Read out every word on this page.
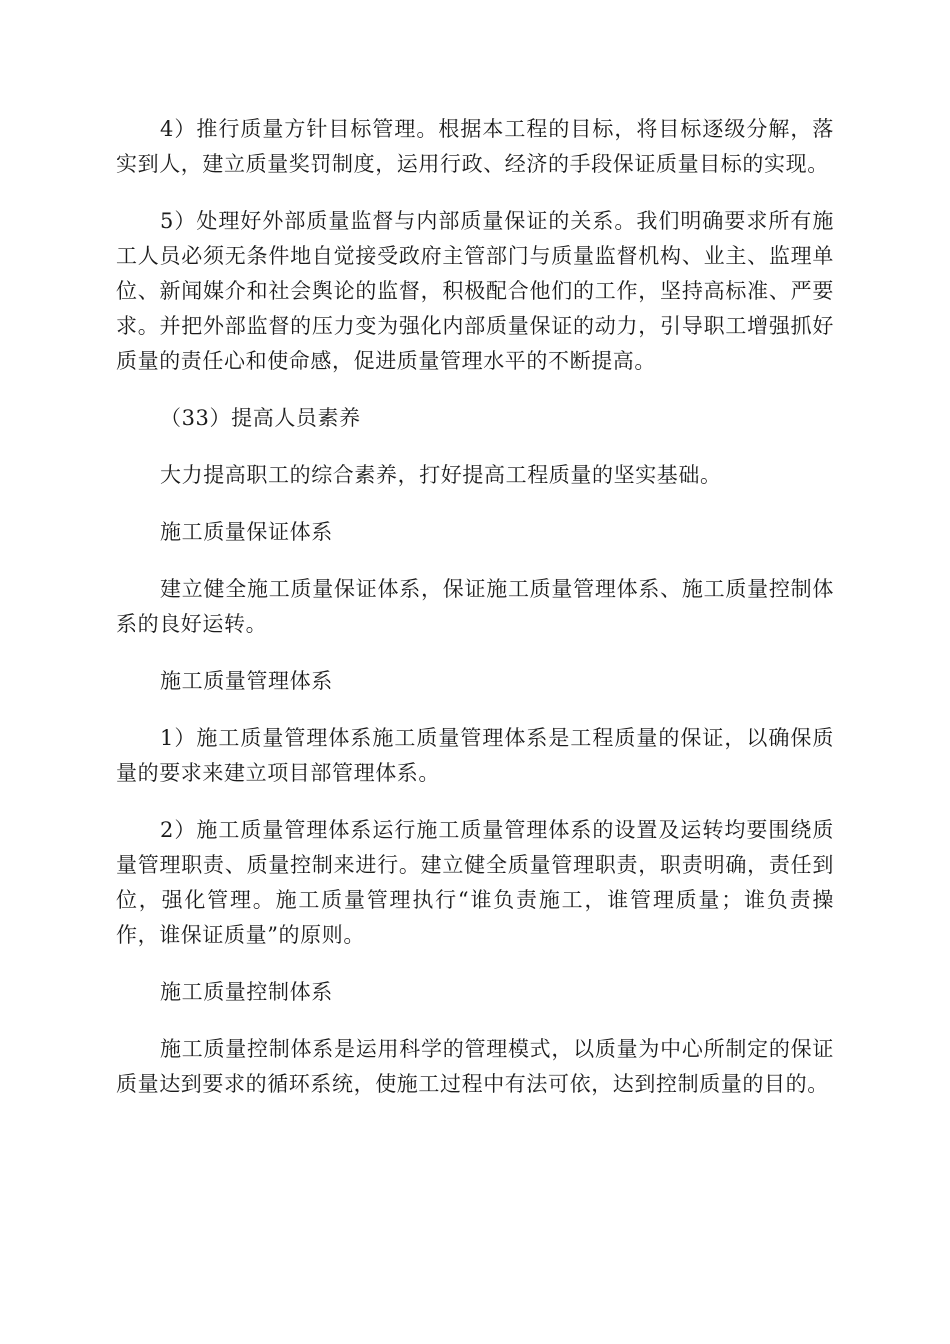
4）推行质量方针目标管理。根据本工程的目标，将目标逐级分解，落实到人，建立质量奖罚制度，运用行政、经济的手段保证质量目标的实现。

5）处理好外部质量监督与内部质量保证的关系。我们明确要求所有施工人员必须无条件地自觉接受政府主管部门与质量监督机构、业主、监理单位、新闻媒介和社会舆论的监督，积极配合他们的工作，坚持高标准、严要求。并把外部监督的压力变为强化内部质量保证的动力，引导职工增强抓好质量的责任心和使命感，促进质量管理水平的不断提高。

（33）提高人员素养

大力提高职工的综合素养，打好提高工程质量的坚实基础。

施工质量保证体系

建立健全施工质量保证体系，保证施工质量管理体系、施工质量控制体系的良好运转。

施工质量管理体系

1）施工质量管理体系施工质量管理体系是工程质量的保证，以确保质量的要求来建立项目部管理体系。

2）施工质量管理体系运行施工质量管理体系的设置及运转均要围绕质量管理职责、质量控制来进行。建立健全质量管理职责，职责明确，责任到位，强化管理。施工质量管理执行“谁负责施工，谁管理质量；谁负责操作，谁保证质量”的原则。

施工质量控制体系

施工质量控制体系是运用科学的管理模式，以质量为中心所制定的保证质量达到要求的循环系统，使施工过程中有法可依，达到控制质量的目的。
